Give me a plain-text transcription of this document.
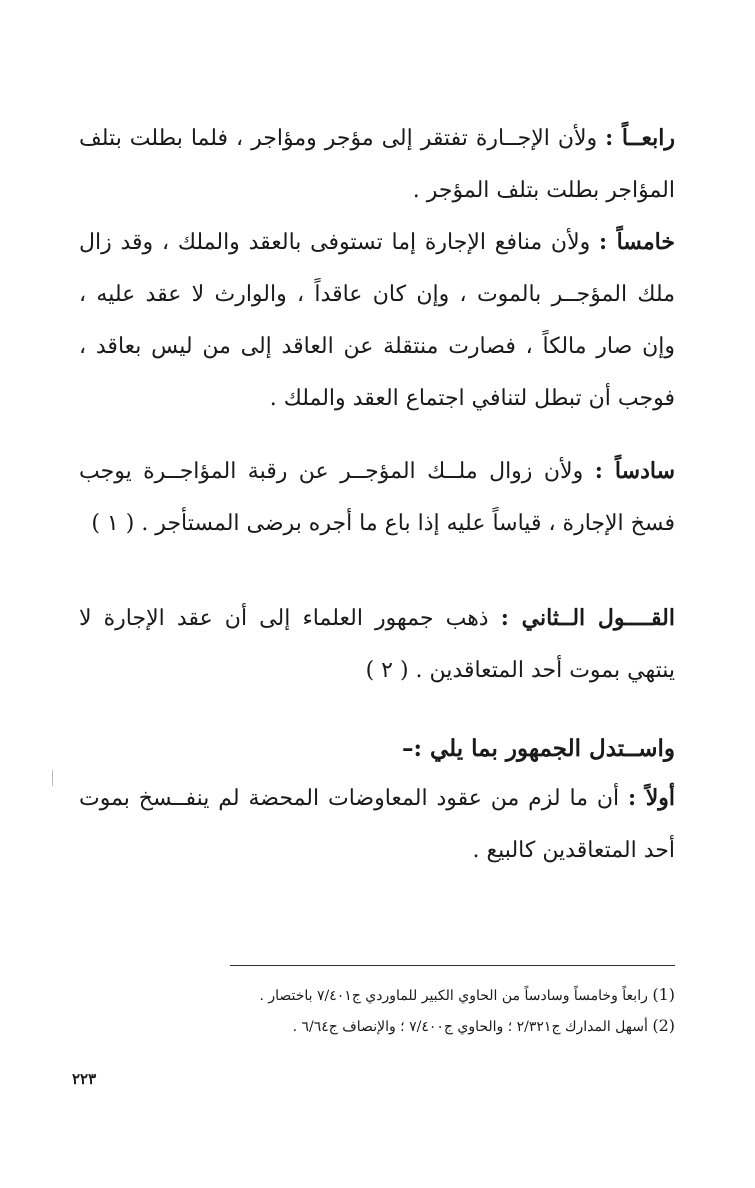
رابعــاً : ولأن الإجــارة تفتقر إلى مؤجر ومؤاجر ، فلما بطلت بتلف المؤاجر بطلت بتلف المؤجر .

خامساً : ولأن منافع الإجارة إما تستوفى بالعقد والملك ، وقد زال ملك المؤجــر بالموت ، وإن كان عاقداً ، والوارث لا عقد عليه ، وإن صار مالكاً ، فصارت منتقلة عن العاقد إلى من ليس بعاقد ، فوجب أن تبطل لتنافي اجتماع العقد والملك .

سادساً : ولأن زوال ملــك المؤجــر عن رقبة المؤاجــرة يوجب فسخ الإجارة ، قياساً عليه إذا باع ما أجره برضى المستأجر . ( ١ )

القــــول الــثاني : ذهب جمهور العلماء إلى أن عقد الإجارة لا ينتهي بموت أحد المتعاقدين . ( ٢ )

واســتدل الجمهور بما يلي :–

أولاً : أن ما لزم من عقود المعاوضات المحضة لم ينفــسخ بموت أحد المتعاقدين كالبيع .

(1) رابعاً وخامساً وسادساً من الحاوي الكبير للماوردي ج٧/٤٠١ باختصار .

(2) أسهل المدارك ج٢/٣٢١ ؛ والحاوي ج٧/٤٠٠ ؛ والإنصاف ج٦/٦٤ .

٢٢٣
